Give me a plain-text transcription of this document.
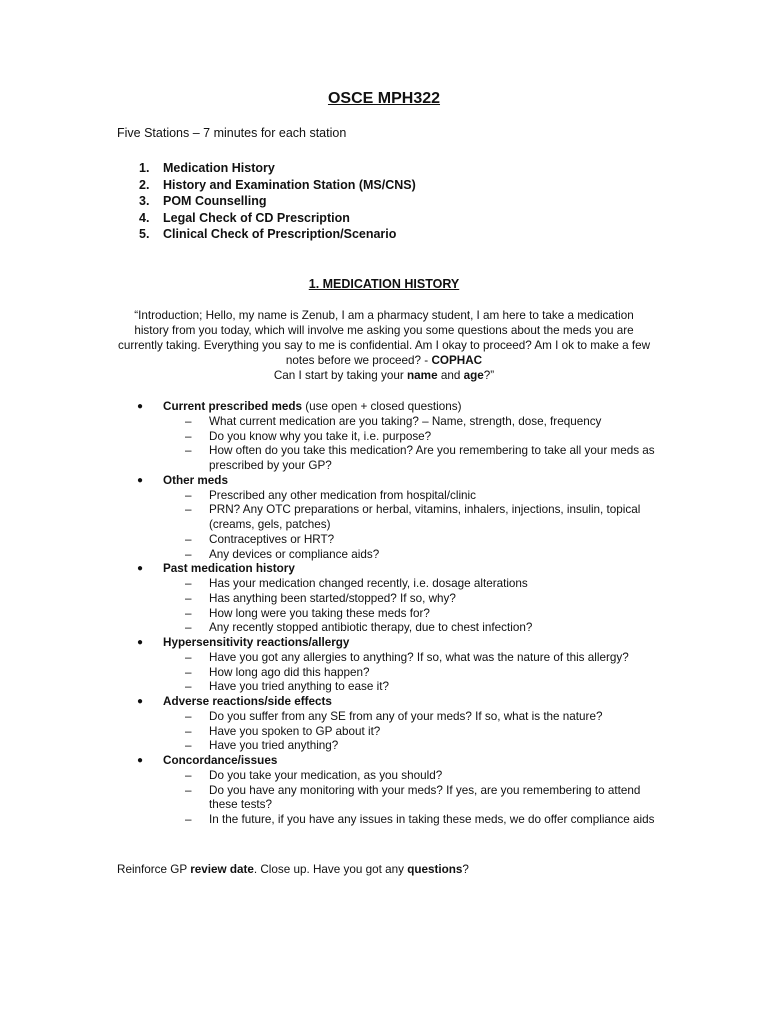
OSCE MPH322
Five Stations – 7 minutes for each station
1.	Medication History
2.	History and Examination Station (MS/CNS)
3.	POM Counselling
4.	Legal Check of CD Prescription
5.	Clinical Check of Prescription/Scenario
1. MEDICATION HISTORY
“Introduction; Hello, my name is Zenub, I am a pharmacy student, I am here to take a medication history from you today, which will involve me asking you some questions about the meds you are currently taking. Everything you say to me is confidential. Am I okay to proceed? Am I ok to make a few notes before we proceed? - COPHAC
Can I start by taking your name and age?”
●	Current prescribed meds (use open + closed questions)
–	What current medication are you taking? – Name, strength, dose, frequency
–	Do you know why you take it, i.e. purpose?
–	How often do you take this medication? Are you remembering to take all your meds as prescribed by your GP?
●	Other meds
–	Prescribed any other medication from hospital/clinic
–	PRN? Any OTC preparations or herbal, vitamins, inhalers, injections, insulin, topical (creams, gels, patches)
–	Contraceptives or HRT?
–	Any devices or compliance aids?
●	Past medication history
–	Has your medication changed recently, i.e. dosage alterations
–	Has anything been started/stopped? If so, why?
–	How long were you taking these meds for?
–	Any recently stopped antibiotic therapy, due to chest infection?
●	Hypersensitivity reactions/allergy
–	Have you got any allergies to anything? If so, what was the nature of this allergy?
–	How long ago did this happen?
–	Have you tried anything to ease it?
●	Adverse reactions/side effects
–	Do you suffer from any SE from any of your meds? If so, what is the nature?
–	Have you spoken to GP about it?
–	Have you tried anything?
●	Concordance/issues
–	Do you take your medication, as you should?
–	Do you have any monitoring with your meds? If yes, are you remembering to attend these tests?
–	In the future, if you have any issues in taking these meds, we do offer compliance aids
Reinforce GP review date. Close up. Have you got any questions?
